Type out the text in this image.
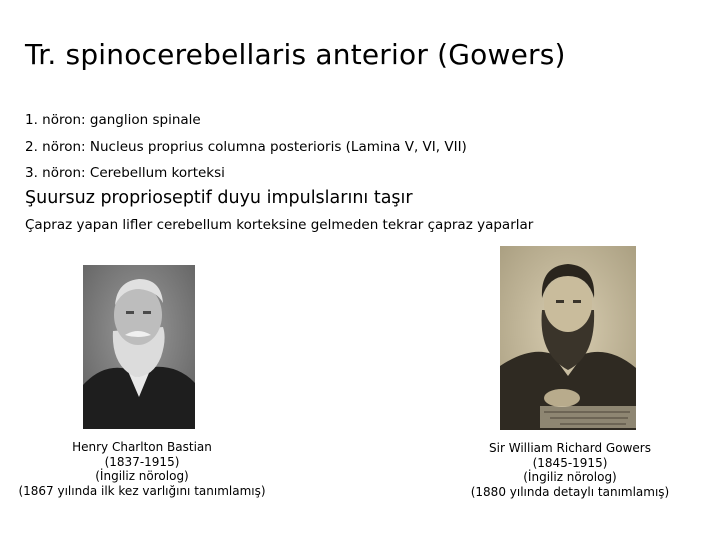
Tr. spinocerebellaris anterior (Gowers)
1. nöron: ganglion spinale
2. nöron: Nucleus proprius columna posterioris (Lamina V, VI, VII)
3. nöron: Cerebellum korteksi
Şuursuz proprioseptif duyu impulslarını taşır
Çapraz yapan lifler cerebellum korteksine gelmeden tekrar çapraz yaparlar
Henry Charlton Bastian
(1837-1915)
(İngiliz nörolog)
(1867 yılında ilk kez varlığını tanımlamış)
Sir William Richard Gowers
(1845-1915)
(İngiliz nörolog)
(1880 yılında detaylı tanımlamış)
